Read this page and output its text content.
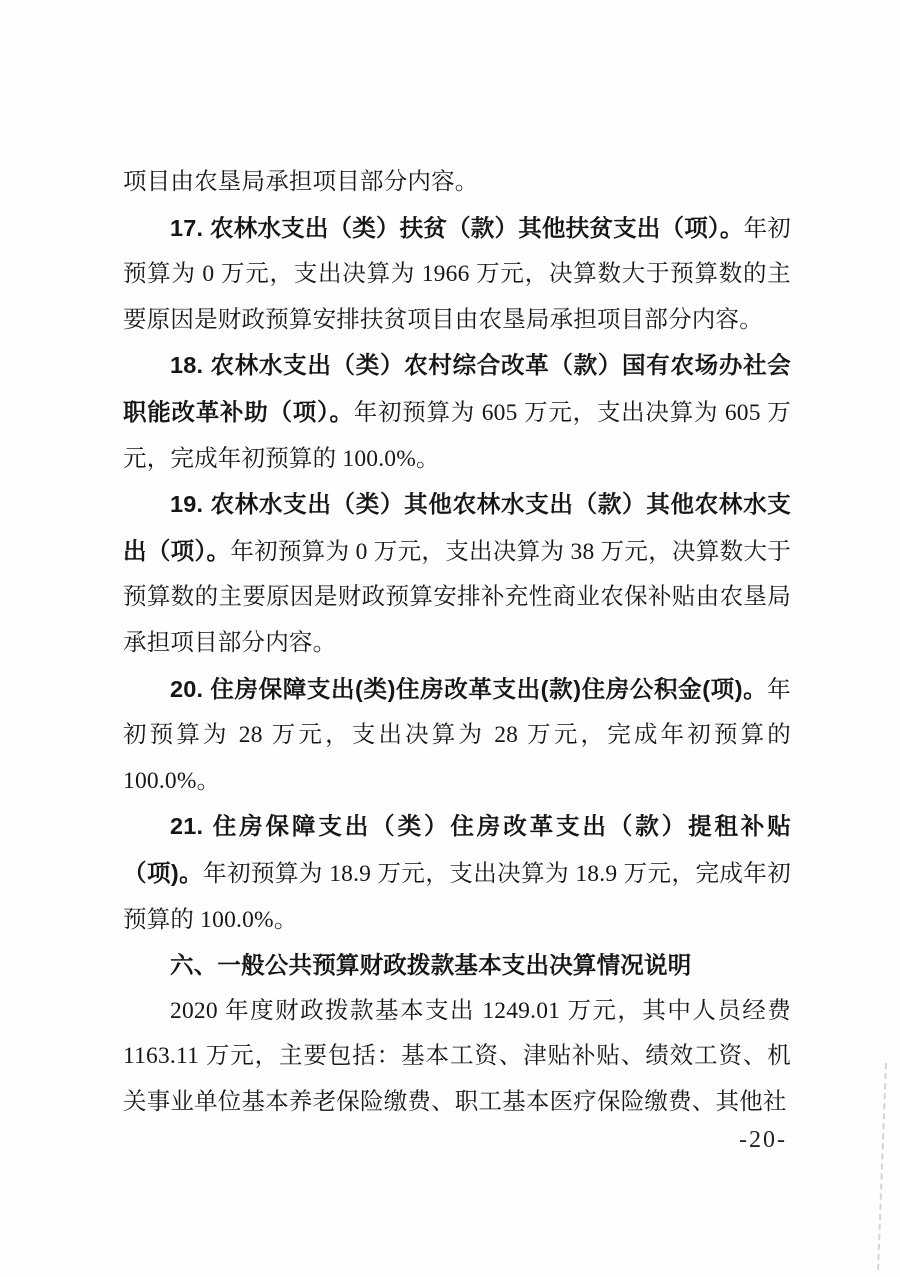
项目由农垦局承担项目部分内容。

17. 农林水支出（类）扶贫（款）其他扶贫支出（项）。年初预算为 0 万元，支出决算为 1966 万元，决算数大于预算数的主要原因是财政预算安排扶贫项目由农垦局承担项目部分内容。

18. 农林水支出（类）农村综合改革（款）国有农场办社会职能改革补助（项）。年初预算为 605 万元，支出决算为 605 万元，完成年初预算的 100.0%。

19. 农林水支出（类）其他农林水支出（款）其他农林水支出（项）。年初预算为 0 万元，支出决算为 38 万元，决算数大于预算数的主要原因是财政预算安排补充性商业农保补贴由农垦局承担项目部分内容。

20. 住房保障支出(类)住房改革支出(款)住房公积金(项)。年初预算为 28 万元，支出决算为 28 万元，完成年初预算的 100.0%。

21. 住房保障支出（类）住房改革支出（款）提租补贴（项)。年初预算为 18.9 万元，支出决算为 18.9 万元，完成年初预算的 100.0%。

六、一般公共预算财政拨款基本支出决算情况说明

2020 年度财政拨款基本支出 1249.01 万元，其中人员经费 1163.11 万元，主要包括：基本工资、津贴补贴、绩效工资、机关事业单位基本养老保险缴费、职工基本医疗保险缴费、其他社

-20-
